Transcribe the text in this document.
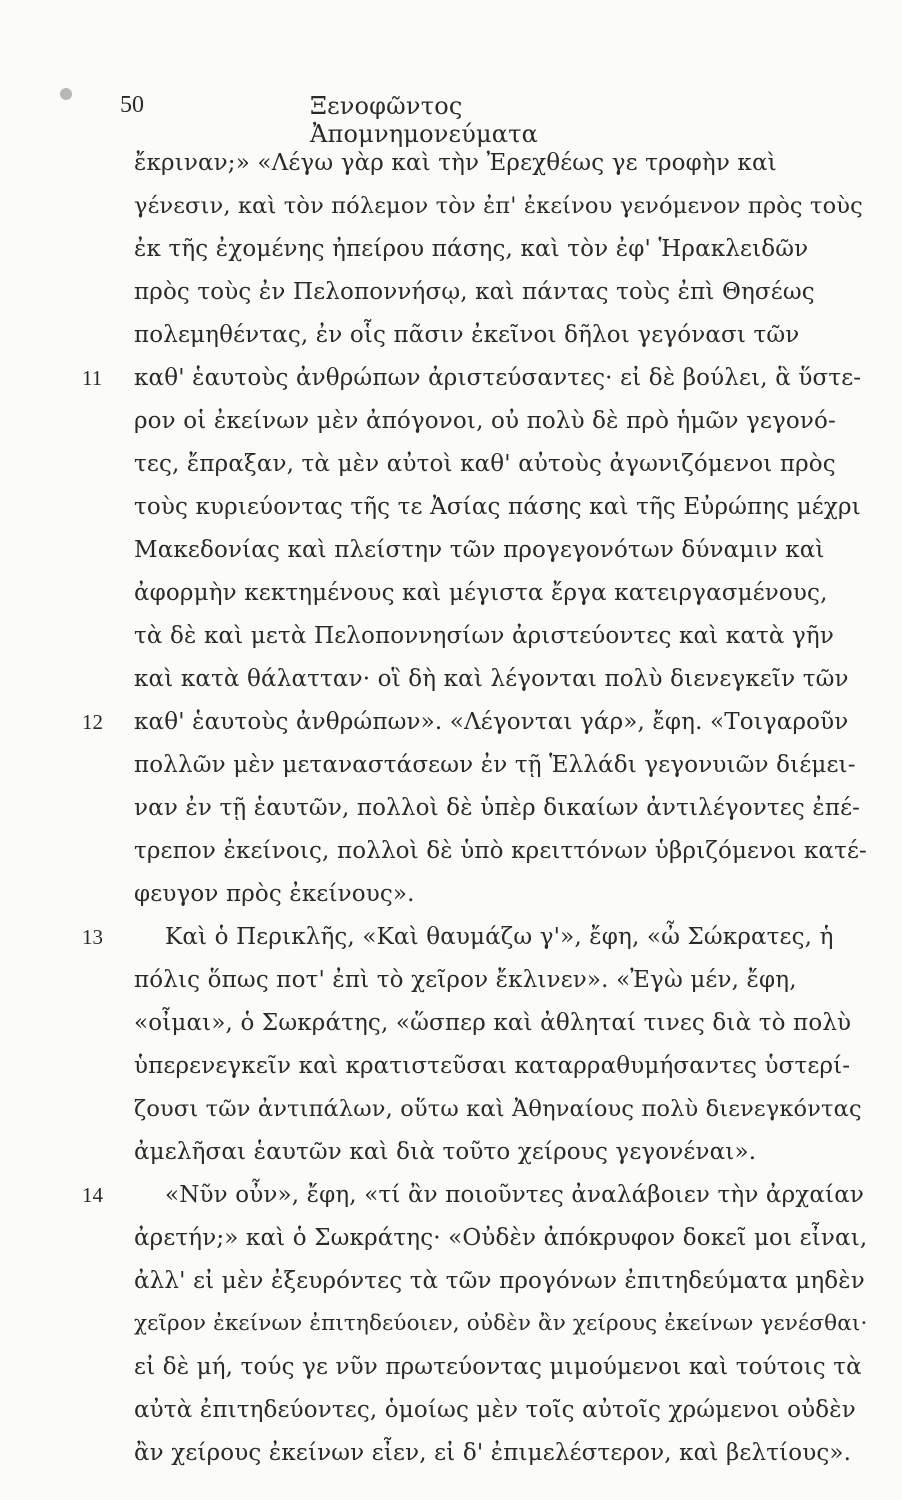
50	Ξενοφῶντος Ἀπομνημονεύματα
ἔκριναν;» «Λέγω γὰρ καὶ τὴν Ἐρεχθέως γε τροφὴν καὶ
γένεσιν, καὶ τὸν πόλεμον τὸν ἐπ' ἐκείνου γενόμενον πρὸς τοὺς
ἐκ τῆς ἐχομένης ἠπείρου πάσης, καὶ τὸν ἐφ' Ἡρακλειδῶν
πρὸς τοὺς ἐν Πελοποννήσῳ, καὶ πάντας τοὺς ἐπὶ Θησέως
πολεμηθέντας, ἐν οἷς πᾶσιν ἐκεῖνοι δῆλοι γεγόνασι τῶν
11	καθ' ἑαυτοὺς ἀνθρώπων ἀριστεύσαντες· εἰ δὲ βούλει, ἃ ὕστε-
ρον οἱ ἐκείνων μὲν ἀπόγονοι, οὐ πολὺ δὲ πρὸ ἡμῶν γεγονό-
τες, ἔπραξαν, τὰ μὲν αὐτοὶ καθ' αὐτοὺς ἀγωνιζόμενοι πρὸς
τοὺς κυριεύοντας τῆς τε Ἀσίας πάσης καὶ τῆς Εὐρώπης μέχρι
Μακεδονίας καὶ πλείστην τῶν προγεγονότων δύναμιν καὶ
ἀφορμὴν κεκτημένους καὶ μέγιστα ἔργα κατειργασμένους,
τὰ δὲ καὶ μετὰ Πελοποννησίων ἀριστεύοντες καὶ κατὰ γῆν
καὶ κατὰ θάλατταν· οἳ δὴ καὶ λέγονται πολὺ διενεγκεῖν τῶν
12	καθ' ἑαυτοὺς ἀνθρώπων». «Λέγονται γάρ», ἔφη. «Τοιγαροῦν
πολλῶν μὲν μεταναστάσεων ἐν τῇ Ἑλλάδι γεγονυιῶν διέμει-
ναν ἐν τῇ ἑαυτῶν, πολλοὶ δὲ ὑπὲρ δικαίων ἀντιλέγοντες ἐπέ-
τρεπον ἐκείνοις, πολλοὶ δὲ ὑπὸ κρειττόνων ὑβριζόμενοι κατέ-
φευγον πρὸς ἐκείνους».
13	Καὶ ὁ Περικλῆς, «Καὶ θαυμάζω γ'», ἔφη, «ὦ Σώκρατες, ἡ
πόλις ὅπως ποτ' ἐπὶ τὸ χεῖρον ἔκλινεν». «Ἐγὼ μέν, ἔφη,
«οἶμαι», ὁ Σωκράτης, «ὥσπερ καὶ ἀθληταί τινες διὰ τὸ πολὺ
ὑπερενεγκεῖν καὶ κρατιστεῦσαι καταρραθυμήσαντες ὑστερί-
ζουσι τῶν ἀντιπάλων, οὕτω καὶ Ἀθηναίους πολὺ διενεγκόντας
ἀμελῆσαι ἑαυτῶν καὶ διὰ τοῦτο χείρους γεγονέναι».
14	«Νῦν οὖν», ἔφη, «τί ἂν ποιοῦντες ἀναλάβοιεν τὴν ἀρχαίαν
ἀρετήν;» καὶ ὁ Σωκράτης· «Οὐδὲν ἀπόκρυφον δοκεῖ μοι εἶναι,
ἀλλ' εἰ μὲν ἐξευρόντες τὰ τῶν προγόνων ἐπιτηδεύματα μηδὲν
χεῖρον ἐκείνων ἐπιτηδεύοιεν, οὐδὲν ἂν χείρους ἐκείνων γενέσθαι·
εἰ δὲ μή, τούς γε νῦν πρωτεύοντας μιμούμενοι καὶ τούτοις τὰ
αὐτὰ ἐπιτηδεύοντες, ὁμοίως μὲν τοῖς αὐτοῖς χρώμενοι οὐδὲν
ἂν χείρους ἐκείνων εἶεν, εἰ δ' ἐπιμελέστερον, καὶ βελτίους».
